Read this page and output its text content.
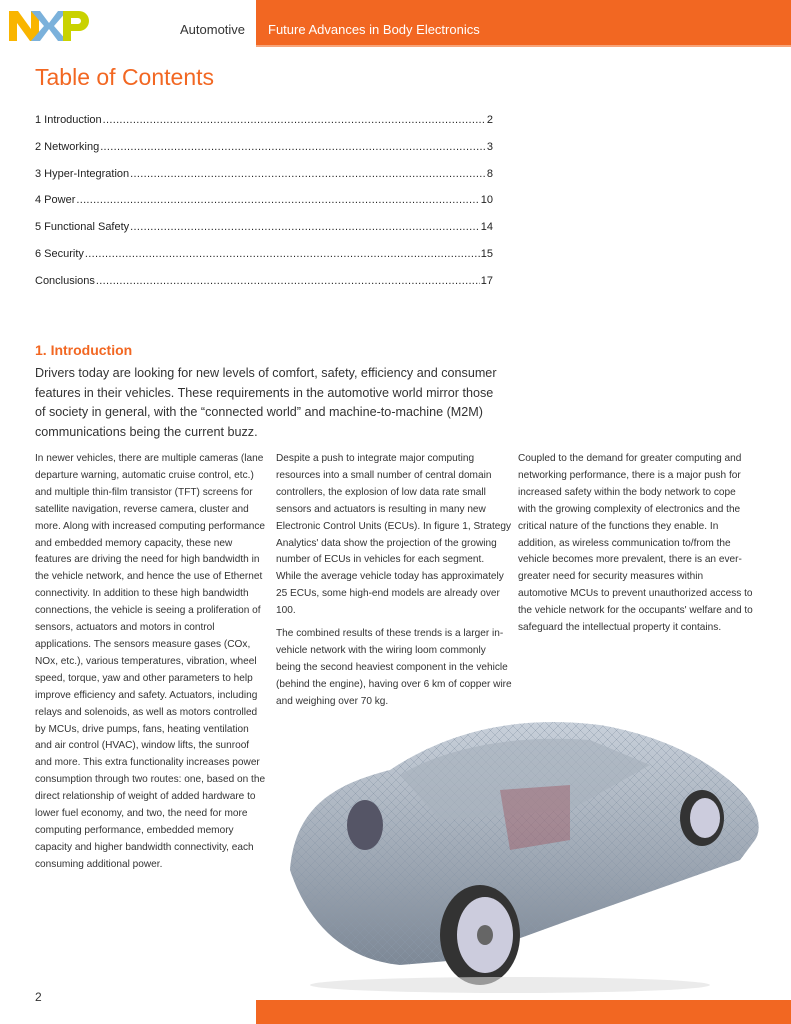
Automotive Future Advances in Body Electronics
Table of Contents
1 Introduction .....	2
2 Networking .....	3
3 Hyper-Integration .....	8
4 Power .....	10
5 Functional Safety .....	14
6 Security .....	15
Conclusions .....	17
1. Introduction
Drivers today are looking for new levels of comfort, safety, efficiency and consumer features in their vehicles. These requirements in the automotive world mirror those of society in general, with the “connected world” and machine-to-machine (M2M) communications being the current buzz.

In newer vehicles, there are multiple cameras (lane departure warning, automatic cruise control, etc.) and multiple thin-film transistor (TFT) screens for satellite navigation, reverse camera, cluster and more. Along with increased computing performance and embedded memory capacity, these new features are driving the need for high bandwidth in the vehicle network, and hence the use of Ethernet connectivity. In addition to these high bandwidth connections, the vehicle is seeing a proliferation of sensors, actuators and motors in control applications. The sensors measure gases (COx, NOx, etc.), various temperatures, vibration, wheel speed, torque, yaw and other parameters to help improve efficiency and safety. Actuators, including relays and solenoids, as well as motors controlled by MCUs, drive pumps, fans, heating ventilation and air control (HVAC), window lifts, the sunroof and more. This extra functionality increases power consumption through two routes: one, based on the direct relationship of weight of added hardware to lower fuel economy, and two, the need for more computing performance, embedded memory capacity and higher bandwidth connectivity, each consuming additional power.

Despite a push to integrate major computing resources into a small number of central domain controllers, the explosion of low data rate small sensors and actuators is resulting in many new Electronic Control Units (ECUs). In figure 1, Strategy Analytics' data show the projection of the growing number of ECUs in vehicles for each segment. While the average vehicle today has approximately 25 ECUs, some high-end models are already over 100.

The combined results of these trends is a larger in-vehicle network with the wiring loom commonly being the second heaviest component in the vehicle (behind the engine), having over 6 km of copper wire and weighing over 70 kg.

Coupled to the demand for greater computing and networking performance, there is a major push for increased safety within the body network to cope with the growing complexity of electronics and the critical nature of the functions they enable. In addition, as wireless communication to/from the vehicle becomes more prevalent, there is an ever-greater need for security measures within automotive MCUs to prevent unauthorized access to the vehicle network for the occupants' welfare and to safeguard the intellectual property it contains.

2
